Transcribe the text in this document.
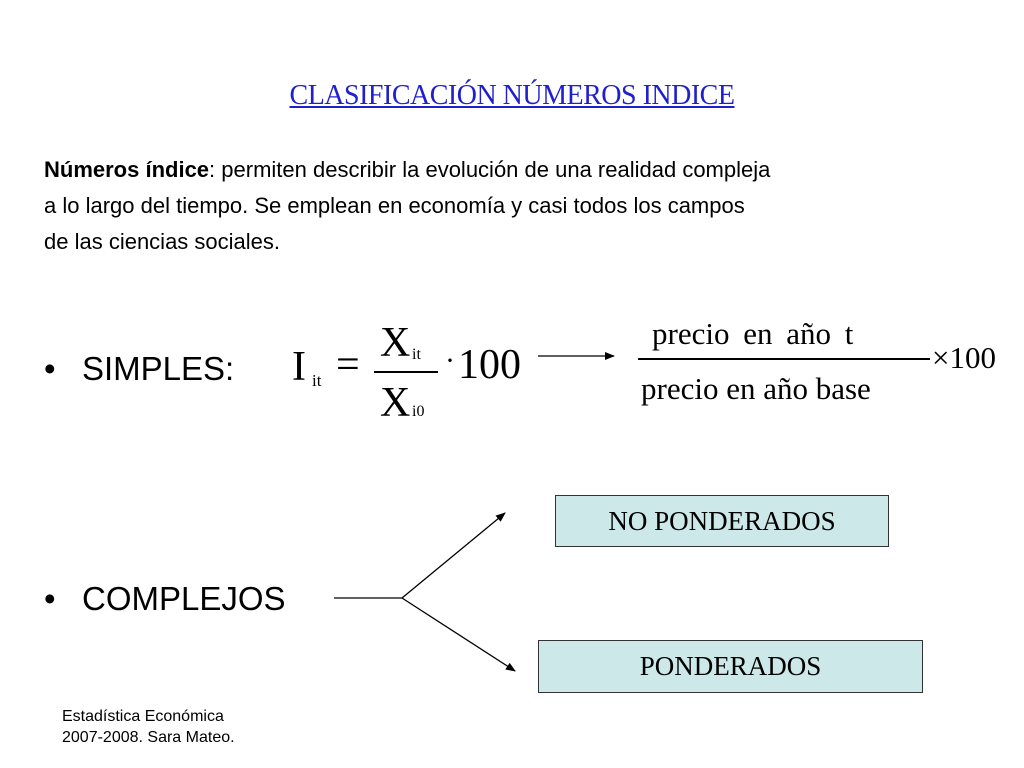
CLASIFICACIÓN NÚMEROS INDICE
Números índice: permiten describir la evolución de una realidad compleja
a lo largo del tiempo. Se emplean en economía y casi todos los campos
de las ciencias sociales.
• SIMPLES:
• COMPLEJOS
I it = X it
X i0
· 100
precio en año t
precio en año base
×100
NO PONDERADOS
PONDERADOS
Estadística Económica
2007-2008. Sara Mateo.
